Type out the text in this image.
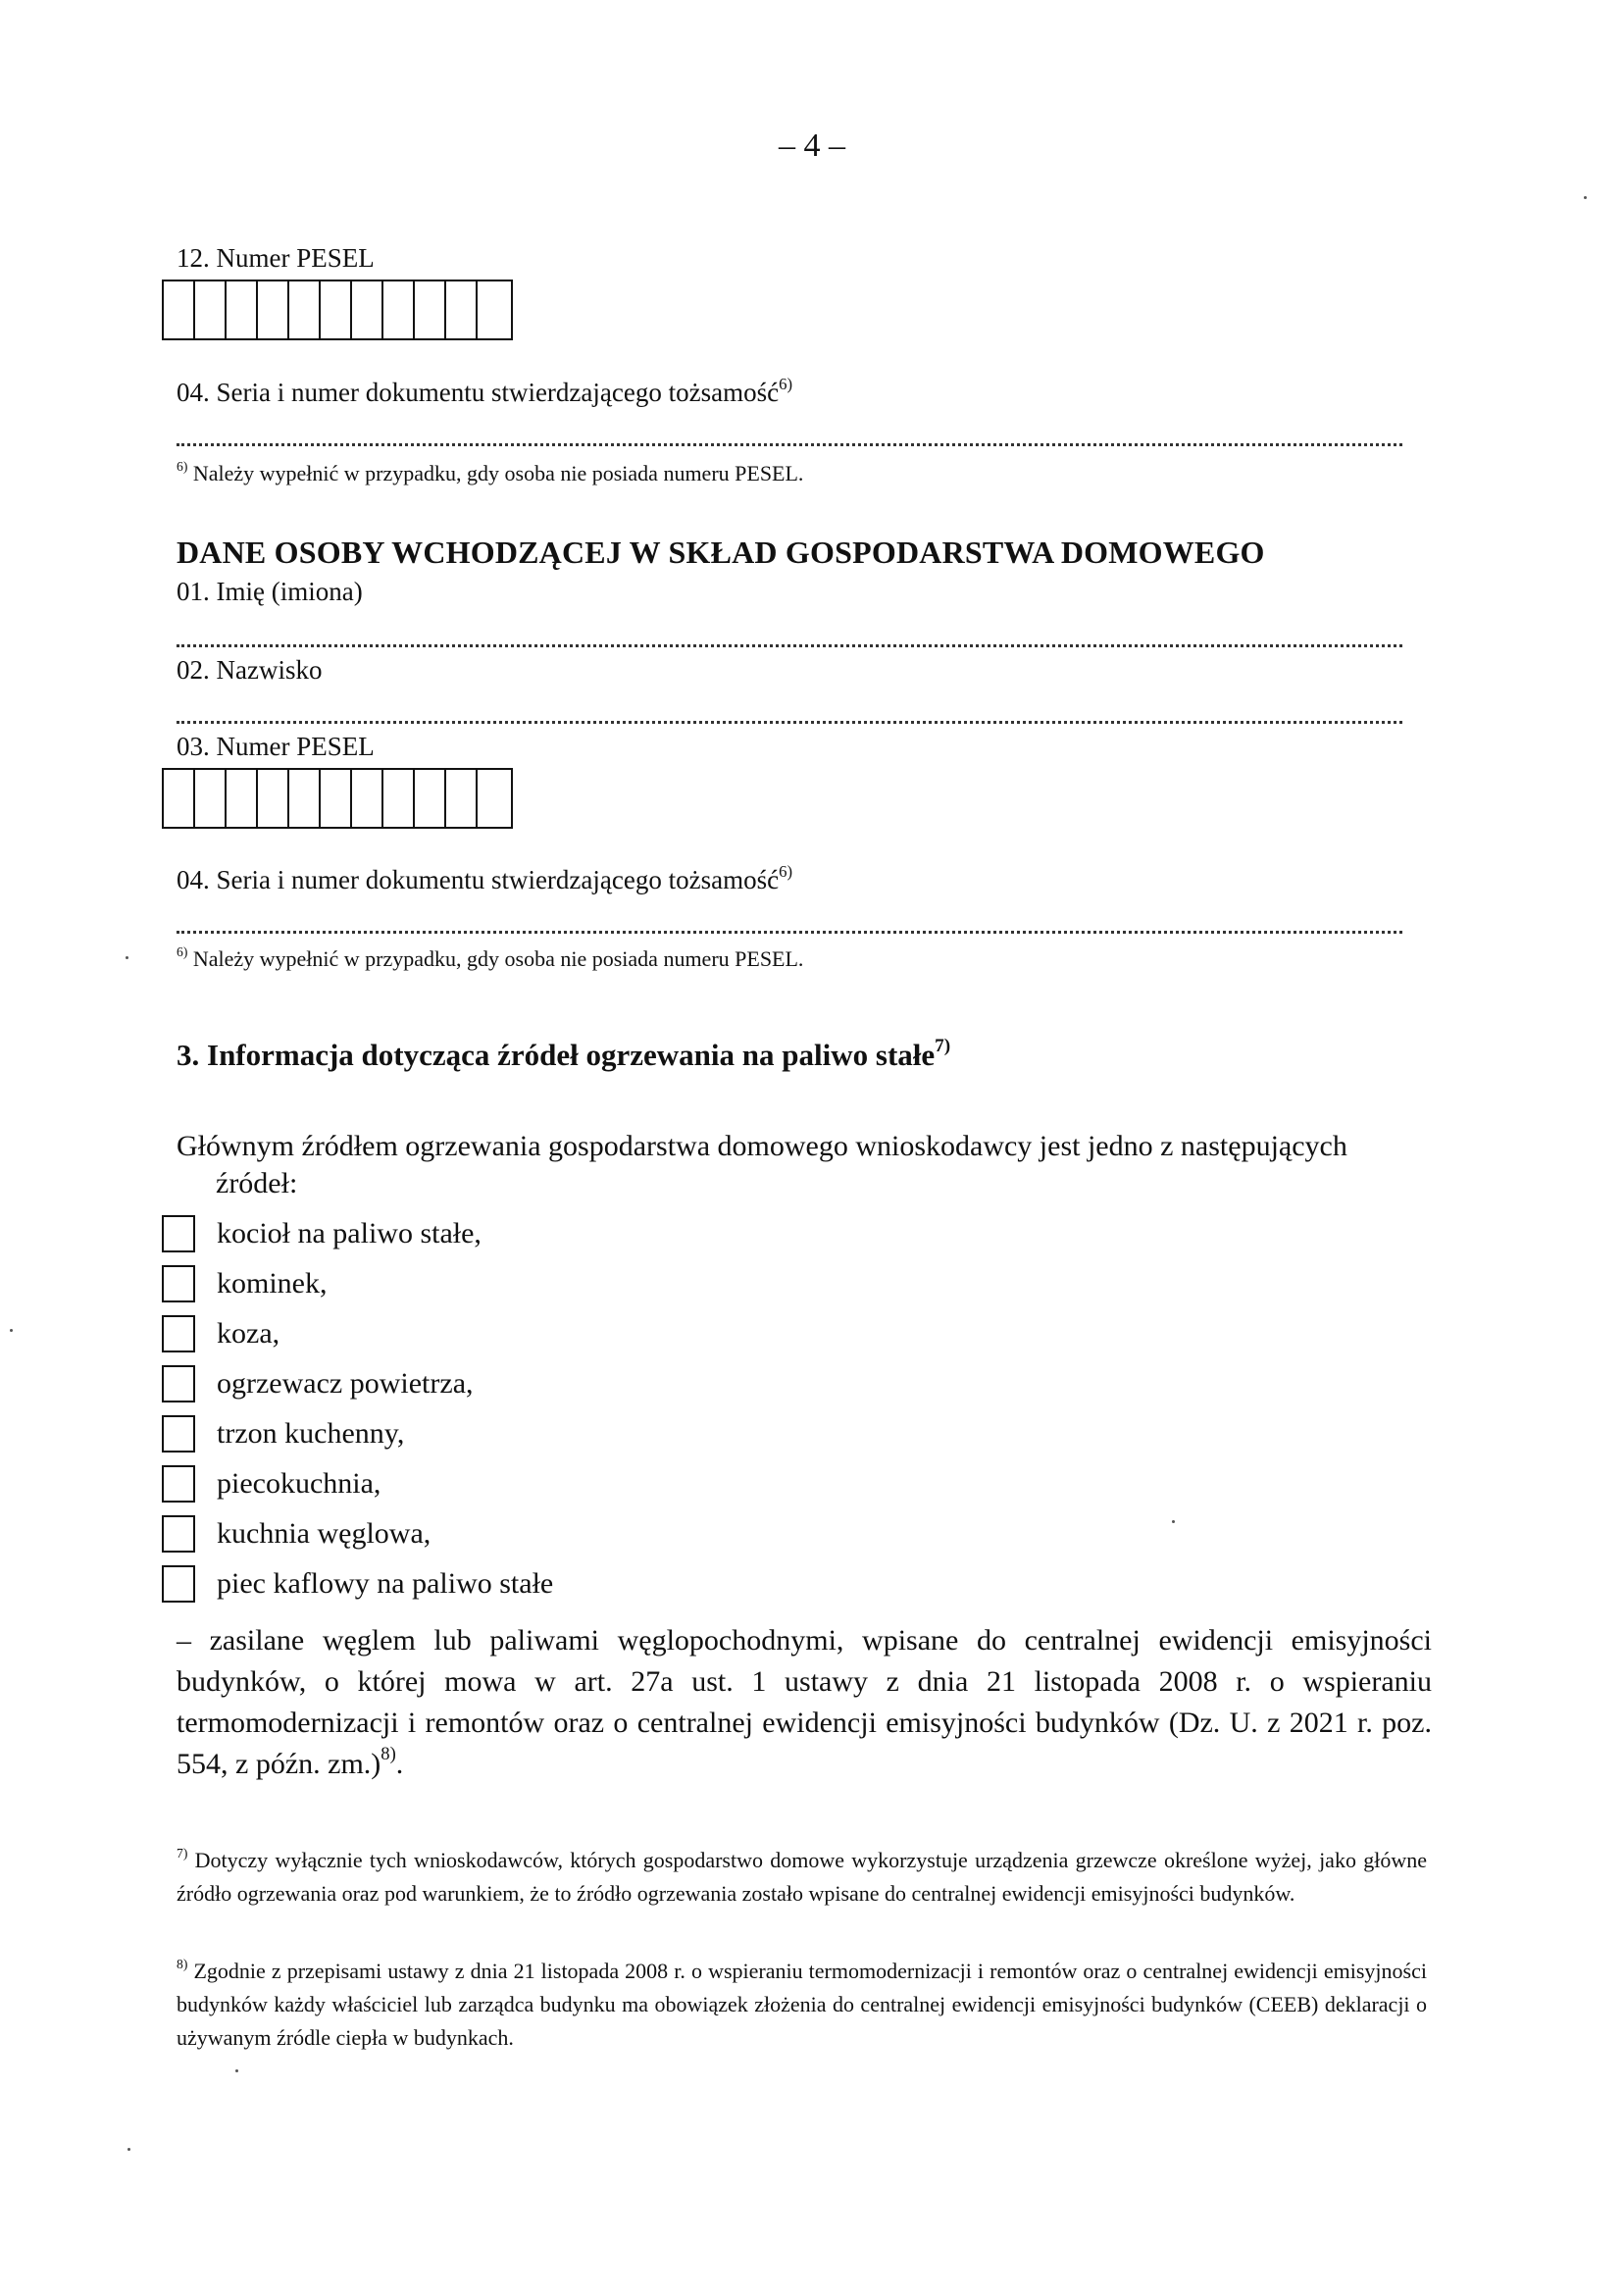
– 4 –
12. Numer PESEL
04. Seria i numer dokumentu stwierdzającego tożsamość$^{6)}$
$^{6)}$ Należy wypełnić w przypadku, gdy osoba nie posiada numeru PESEL.
DANE OSOBY WCHODZĄCEJ W SKŁAD GOSPODARSTWA DOMOWEGO
01. Imię (imiona)
02. Nazwisko
03. Numer PESEL
04. Seria i numer dokumentu stwierdzającego tożsamość$^{6)}$
$^{6)}$ Należy wypełnić w przypadku, gdy osoba nie posiada numeru PESEL.
3. Informacja dotycząca źródeł ogrzewania na paliwo stałe$^{7)}$
Głównym źródłem ogrzewania gospodarstwa domowego wnioskodawcy jest jedno z następujących
źródeł:
kocioł na paliwo stałe,
kominek,
koza,
ogrzewacz powietrza,
trzon kuchenny,
piecokuchnia,
kuchnia węglowa,
piec kaflowy na paliwo stałe
– zasilane węglem lub paliwami węglopochodnymi, wpisane do centralnej ewidencji emisyjności budynków, o której mowa w art. 27a ust. 1 ustawy z dnia 21 listopada 2008 r. o wspieraniu termomodernizacji i remontów oraz o centralnej ewidencji emisyjności budynków (Dz. U. z 2021 r. poz. 554, z późn. zm.)$^{8)}$.
$^{7)}$ Dotyczy wyłącznie tych wnioskodawców, których gospodarstwo domowe wykorzystuje urządzenia grzewcze określone wyżej, jako główne źródło ogrzewania oraz pod warunkiem, że to źródło ogrzewania zostało wpisane do centralnej ewidencji emisyjności budynków.
$^{8)}$ Zgodnie z przepisami ustawy z dnia 21 listopada 2008 r. o wspieraniu termomodernizacji i remontów oraz o centralnej ewidencji emisyjności budynków każdy właściciel lub zarządca budynku ma obowiązek złożenia do centralnej ewidencji emisyjności budynków (CEEB) deklaracji o używanym źródle ciepła w budynkach.
